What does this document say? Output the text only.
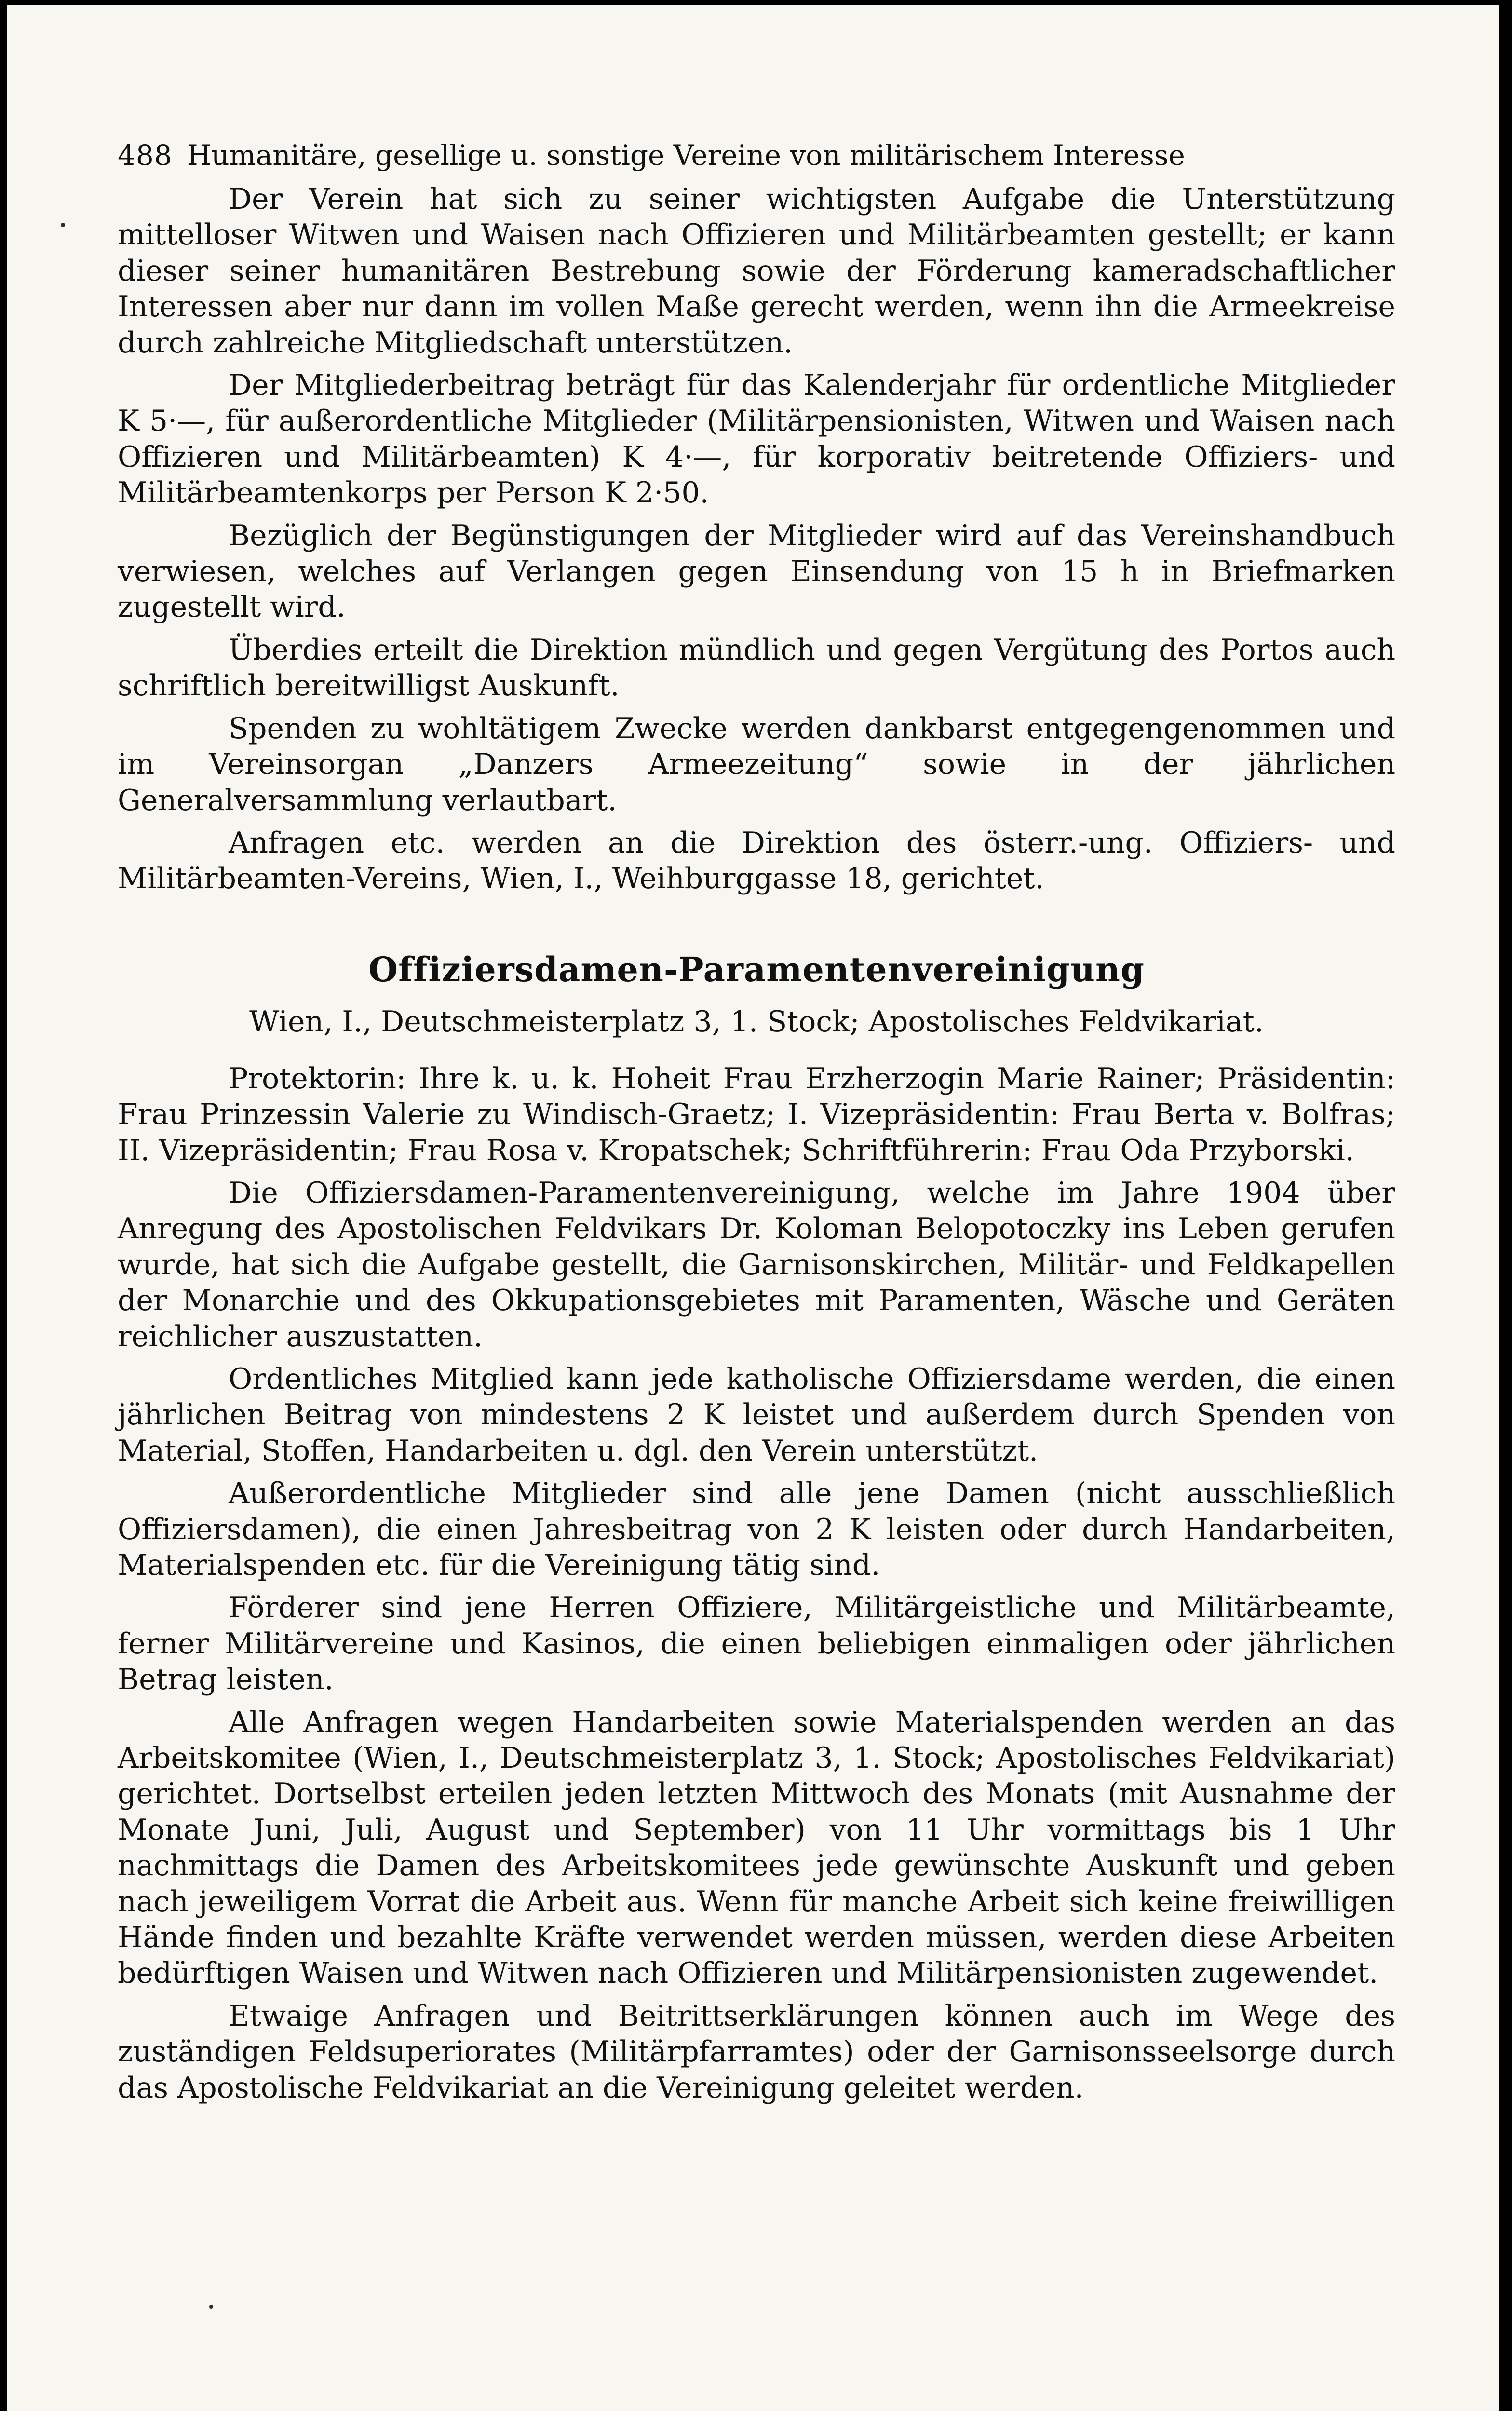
488 Humanitäre, gesellige u. sonstige Vereine von militärischem Interesse

Der Verein hat sich zu seiner wichtigsten Aufgabe die Unterstützung mittelloser Witwen und Waisen nach Offizieren und Militärbeamten gestellt; er kann dieser seiner humanitären Bestrebung sowie der Förderung kameradschaftlicher Interessen aber nur dann im vollen Maße gerecht werden, wenn ihn die Armeekreise durch zahlreiche Mitgliedschaft unterstützen.

Der Mitgliederbeitrag beträgt für das Kalenderjahr für ordentliche Mitglieder K 5·—, für außerordentliche Mitglieder (Militärpensionisten, Witwen und Waisen nach Offizieren und Militärbeamten) K 4·—, für korporativ beitretende Offiziers- und Militärbeamtenkorps per Person K 2·50.

Bezüglich der Begünstigungen der Mitglieder wird auf das Vereinshandbuch verwiesen, welches auf Verlangen gegen Einsendung von 15 h in Briefmarken zugestellt wird.

Überdies erteilt die Direktion mündlich und gegen Vergütung des Portos auch schriftlich bereitwilligst Auskunft.

Spenden zu wohltätigem Zwecke werden dankbarst entgegengenommen und im Vereinsorgan „Danzers Armeezeitung“ sowie in der jährlichen Generalversammlung verlautbart.

Anfragen etc. werden an die Direktion des österr.-ung. Offiziers- und Militärbeamten-Vereins, Wien, I., Weihburggasse 18, gerichtet.

Offiziersdamen-Paramentenvereinigung
Wien, I., Deutschmeisterplatz 3, 1. Stock; Apostolisches Feldvikariat.

Protektorin: Ihre k. u. k. Hoheit Frau Erzherzogin Marie Rainer; Präsidentin: Frau Prinzessin Valerie zu Windisch-Graetz; I. Vizepräsidentin: Frau Berta v. Bolfras; II. Vizepräsidentin; Frau Rosa v. Kropatschek; Schriftführerin: Frau Oda Przyborski.

Die Offiziersdamen-Paramentenvereinigung, welche im Jahre 1904 über Anregung des Apostolischen Feldvikars Dr. Koloman Belopotoczky ins Leben gerufen wurde, hat sich die Aufgabe gestellt, die Garnisonskirchen, Militär- und Feldkapellen der Monarchie und des Okkupationsgebietes mit Paramenten, Wäsche und Geräten reichlicher auszustatten.

Ordentliches Mitglied kann jede katholische Offiziersdame werden, die einen jährlichen Beitrag von mindestens 2 K leistet und außerdem durch Spenden von Material, Stoffen, Handarbeiten u. dgl. den Verein unterstützt.

Außerordentliche Mitglieder sind alle jene Damen (nicht ausschließlich Offiziersdamen), die einen Jahresbeitrag von 2 K leisten oder durch Handarbeiten, Materialspenden etc. für die Vereinigung tätig sind.

Förderer sind jene Herren Offiziere, Militärgeistliche und Militärbeamte, ferner Militärvereine und Kasinos, die einen beliebigen einmaligen oder jährlichen Betrag leisten.

Alle Anfragen wegen Handarbeiten sowie Materialspenden werden an das Arbeitskomitee (Wien, I., Deutschmeisterplatz 3, 1. Stock; Apostolisches Feldvikariat) gerichtet. Dortselbst erteilen jeden letzten Mittwoch des Monats (mit Ausnahme der Monate Juni, Juli, August und September) von 11 Uhr vormittags bis 1 Uhr nachmittags die Damen des Arbeitskomitees jede gewünschte Auskunft und geben nach jeweiligem Vorrat die Arbeit aus. Wenn für manche Arbeit sich keine freiwilligen Hände finden und bezahlte Kräfte verwendet werden müssen, werden diese Arbeiten bedürftigen Waisen und Witwen nach Offizieren und Militärpensionisten zugewendet.

Etwaige Anfragen und Beitrittserklärungen können auch im Wege des zuständigen Feldsuperiorates (Militärpfarramtes) oder der Garnisonsseelsorge durch das Apostolische Feldvikariat an die Vereinigung geleitet werden.
